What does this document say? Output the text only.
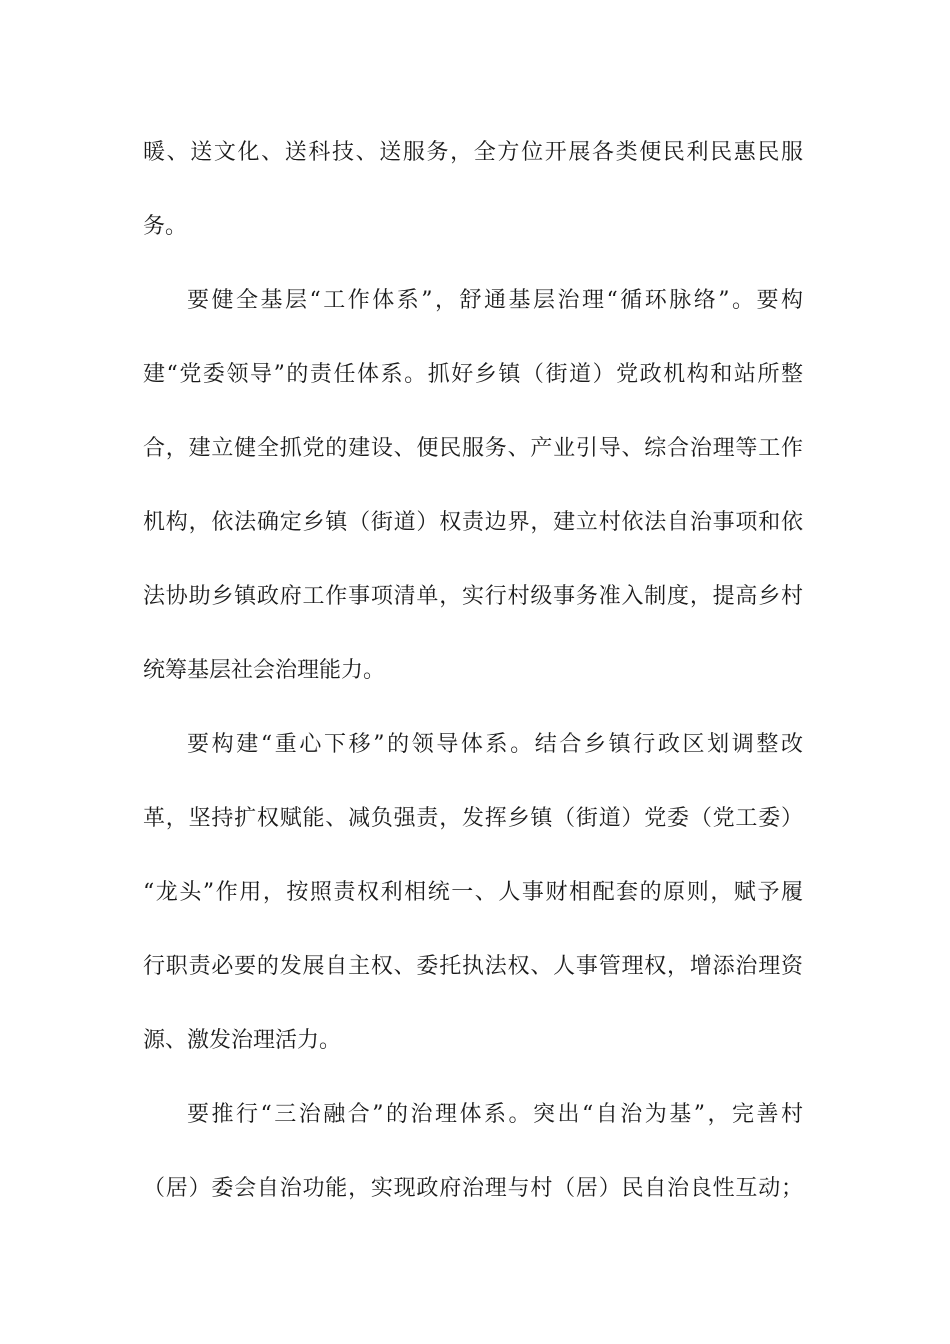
暖、送文化、送科技、送服务，全方位开展各类便民利民惠民服
务。
要健全基层“工作体系”，舒通基层治理“循环脉络”。要构
建“党委领导”的责任体系。抓好乡镇（街道）党政机构和站所整
合，建立健全抓党的建设、便民服务、产业引导、综合治理等工作
机构，依法确定乡镇（街道）权责边界，建立村依法自治事项和依
法协助乡镇政府工作事项清单，实行村级事务准入制度，提高乡村
统筹基层社会治理能力。
要构建“重心下移”的领导体系。结合乡镇行政区划调整改
革，坚持扩权赋能、减负强责，发挥乡镇（街道）党委（党工委）
“龙头”作用，按照责权利相统一、人事财相配套的原则，赋予履
行职责必要的发展自主权、委托执法权、人事管理权，增添治理资
源、激发治理活力。
要推行“三治融合”的治理体系。突出“自治为基”，完善村
（居）委会自治功能，实现政府治理与村（居）民自治良性互动；
